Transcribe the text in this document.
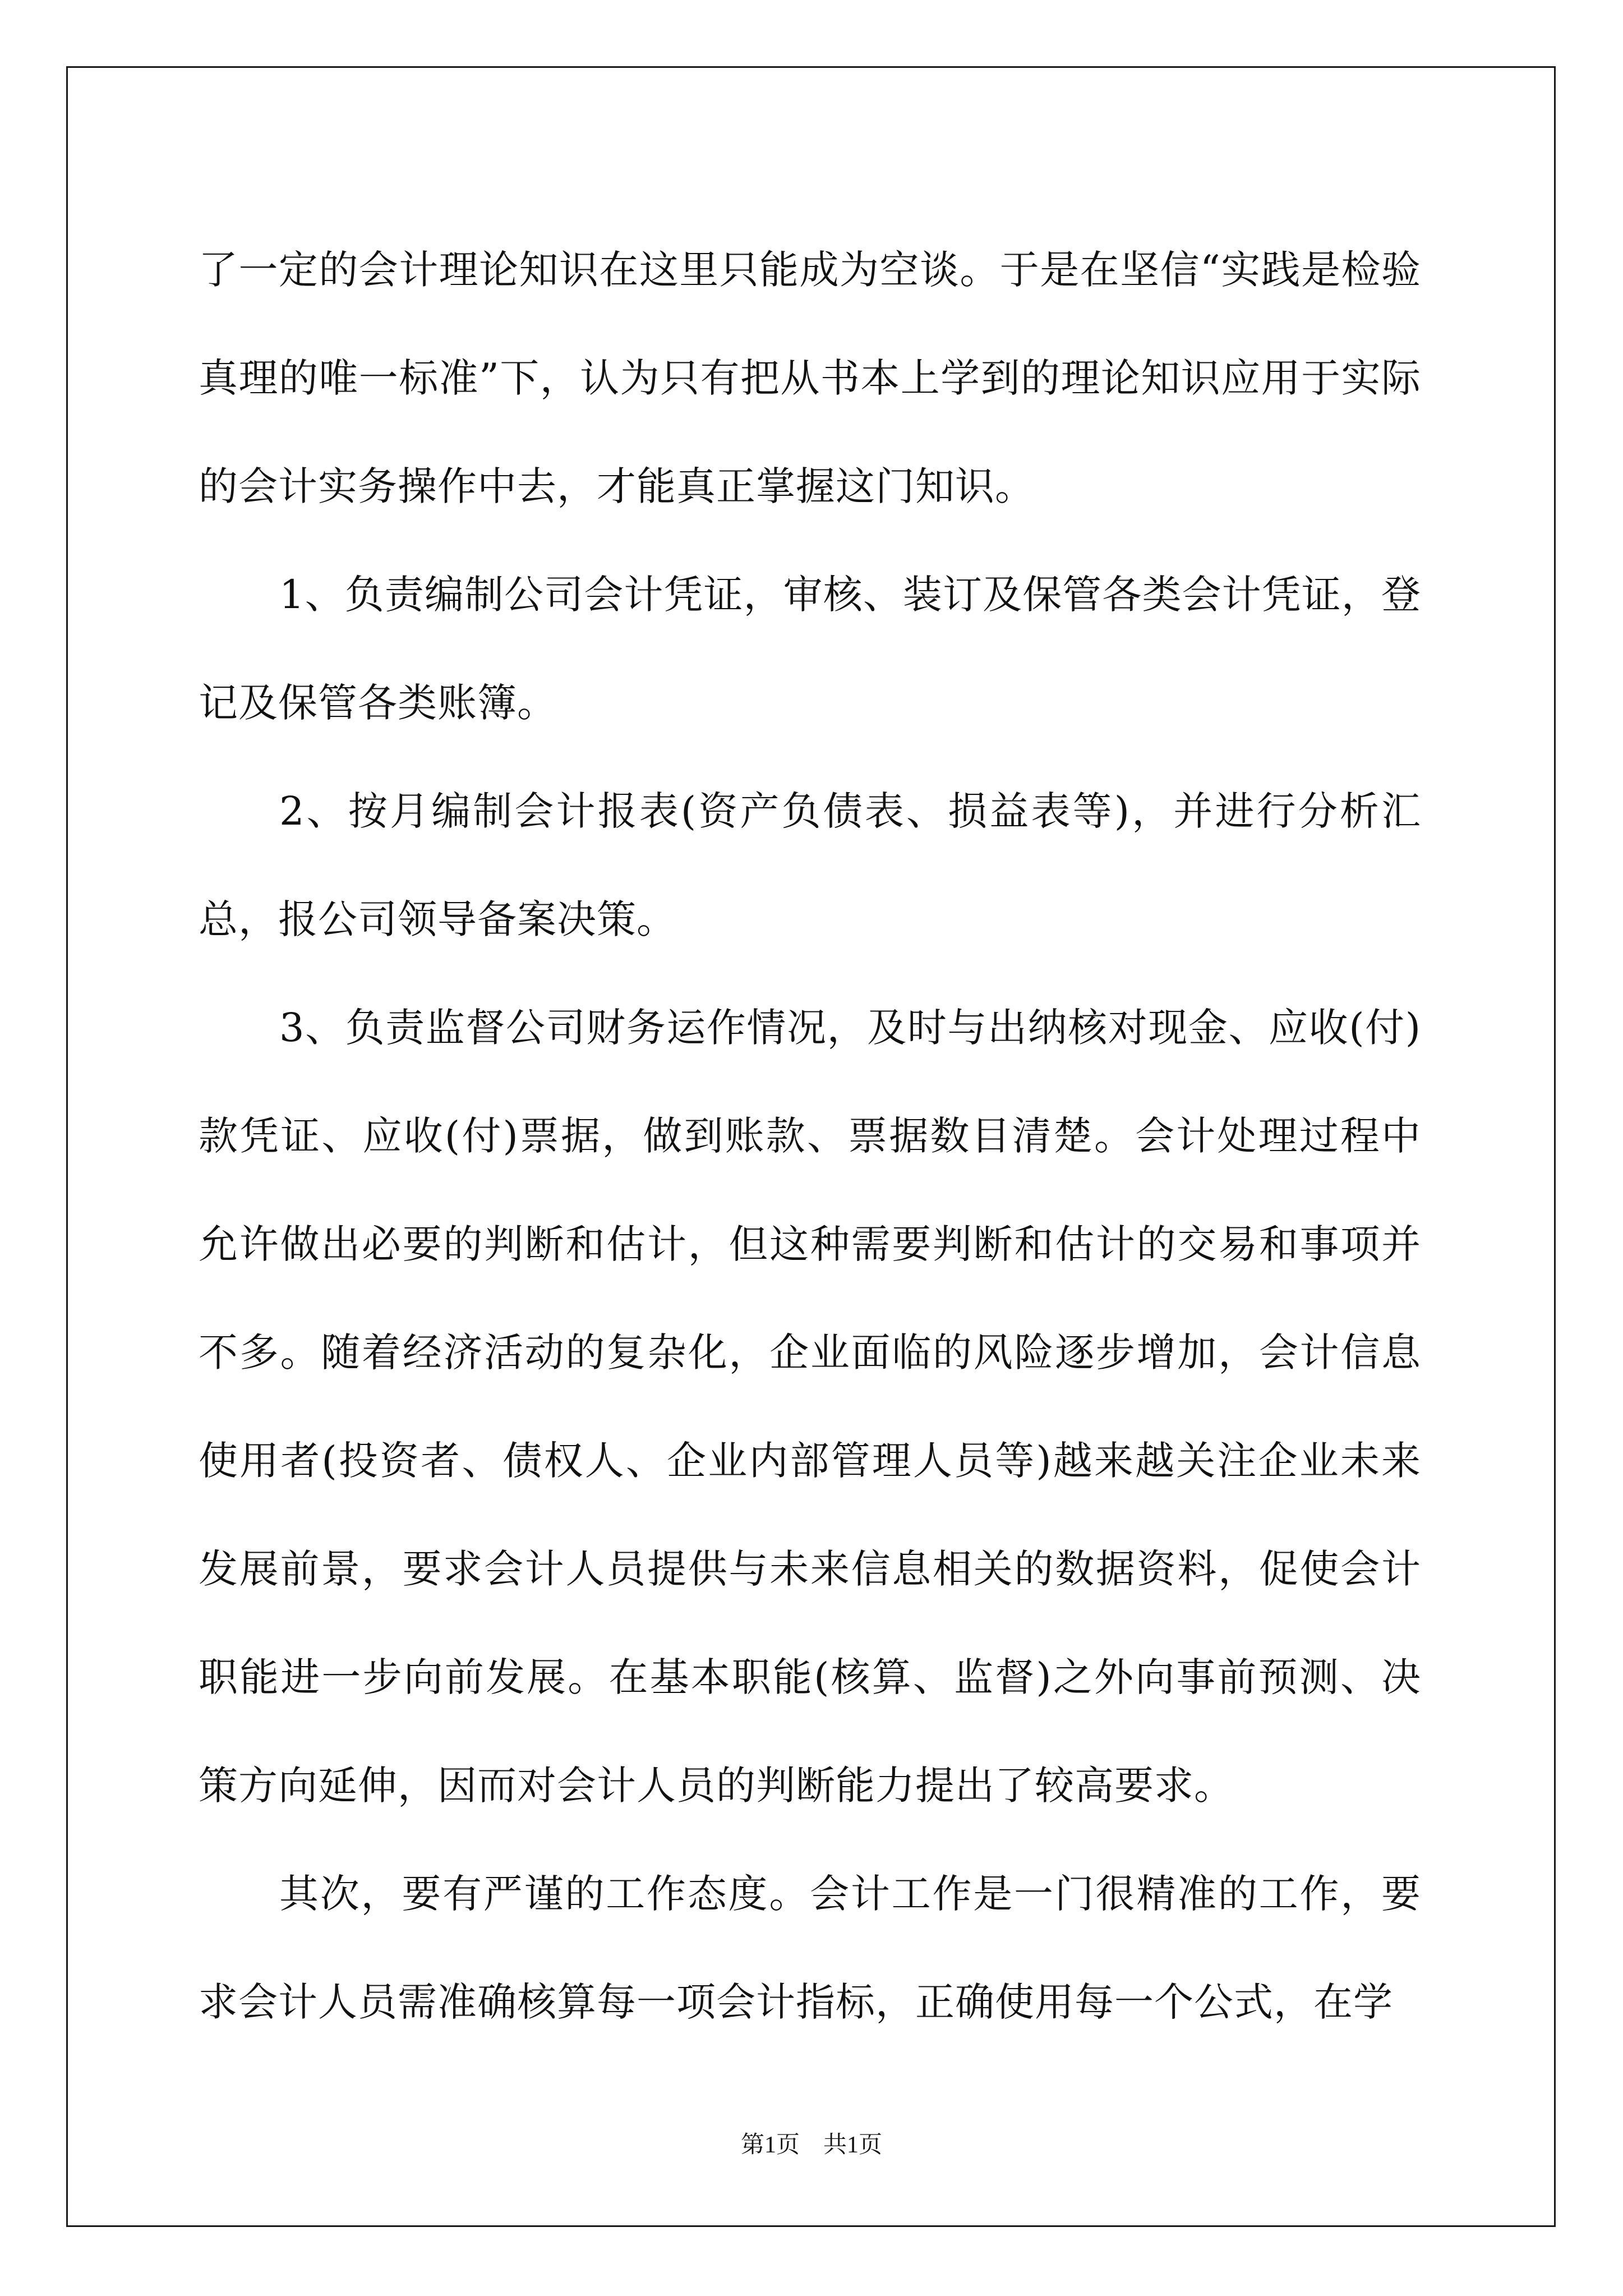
了一定的会计理论知识在这里只能成为空谈。于是在坚信“实践是检验真理的唯一标准”下，认为只有把从书本上学到的理论知识应用于实际的会计实务操作中去，才能真正掌握这门知识。

1、负责编制公司会计凭证，审核、装订及保管各类会计凭证，登记及保管各类账簿。

2、按月编制会计报表(资产负债表、损益表等)，并进行分析汇总，报公司领导备案决策。

3、负责监督公司财务运作情况，及时与出纳核对现金、应收(付)款凭证、应收(付)票据，做到账款、票据数目清楚。会计处理过程中允许做出必要的判断和估计，但这种需要判断和估计的交易和事项并不多。随着经济活动的复杂化，企业面临的风险逐步增加，会计信息使用者(投资者、债权人、企业内部管理人员等)越来越关注企业未来发展前景，要求会计人员提供与未来信息相关的数据资料，促使会计职能进一步向前发展。在基本职能(核算、监督)之外向事前预测、决策方向延伸，因而对会计人员的判断能力提出了较高要求。

其次，要有严谨的工作态度。会计工作是一门很精准的工作，要求会计人员需准确核算每一项会计指标，正确使用每一个公式，在学

第1页　共1页
